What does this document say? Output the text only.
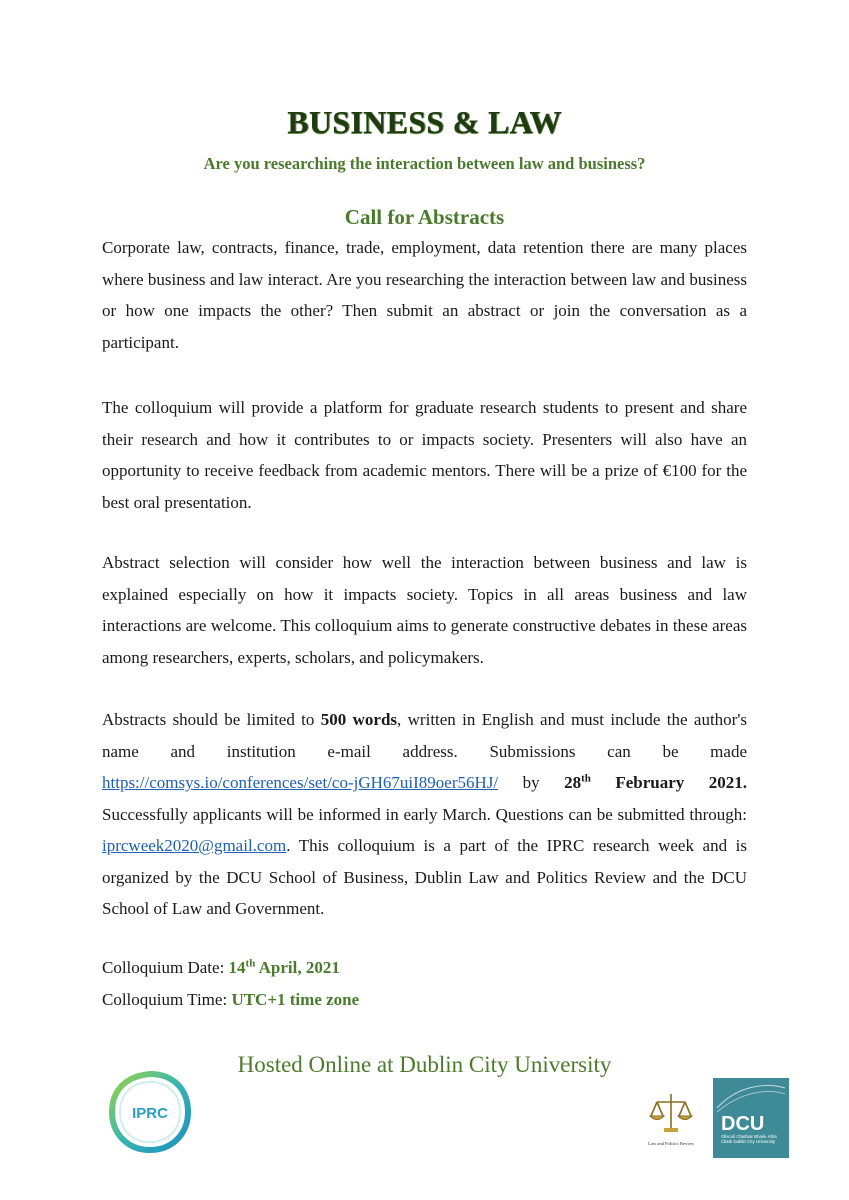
BUSINESS & LAW
Are you researching the interaction between law and business?
Call for Abstracts

Corporate law, contracts, finance, trade, employment, data retention there are many places where business and law interact. Are you researching the interaction between law and business or how one impacts the other? Then submit an abstract or join the conversation as a participant.

The colloquium will provide a platform for graduate research students to present and share their research and how it contributes to or impacts society. Presenters will also have an opportunity to receive feedback from academic mentors. There will be a prize of €100 for the best oral presentation.

Abstract selection will consider how well the interaction between business and law is explained especially on how it impacts society. Topics in all areas business and law interactions are welcome. This colloquium aims to generate constructive debates in these areas among researchers, experts, scholars, and policymakers.

Abstracts should be limited to 500 words, written in English and must include the author's name and institution e-mail address. Submissions can be made https://comsys.io/conferences/set/co-jGH67uiI89oer56HJ/ by 28th February 2021. Successfully applicants will be informed in early March. Questions can be submitted through: iprcweek2020@gmail.com. This colloquium is a part of the IPRC research week and is organized by the DCU School of Business, Dublin Law and Politics Review and the DCU School of Law and Government.

Colloquium Date: 14th April, 2021
Colloquium Time: UTC+1 time zone
Hosted Online at Dublin City University
IPRC
Law and Politics Review
DCU
Ollscoil Chathair Bhaile Átha Cliath Dublin City University
